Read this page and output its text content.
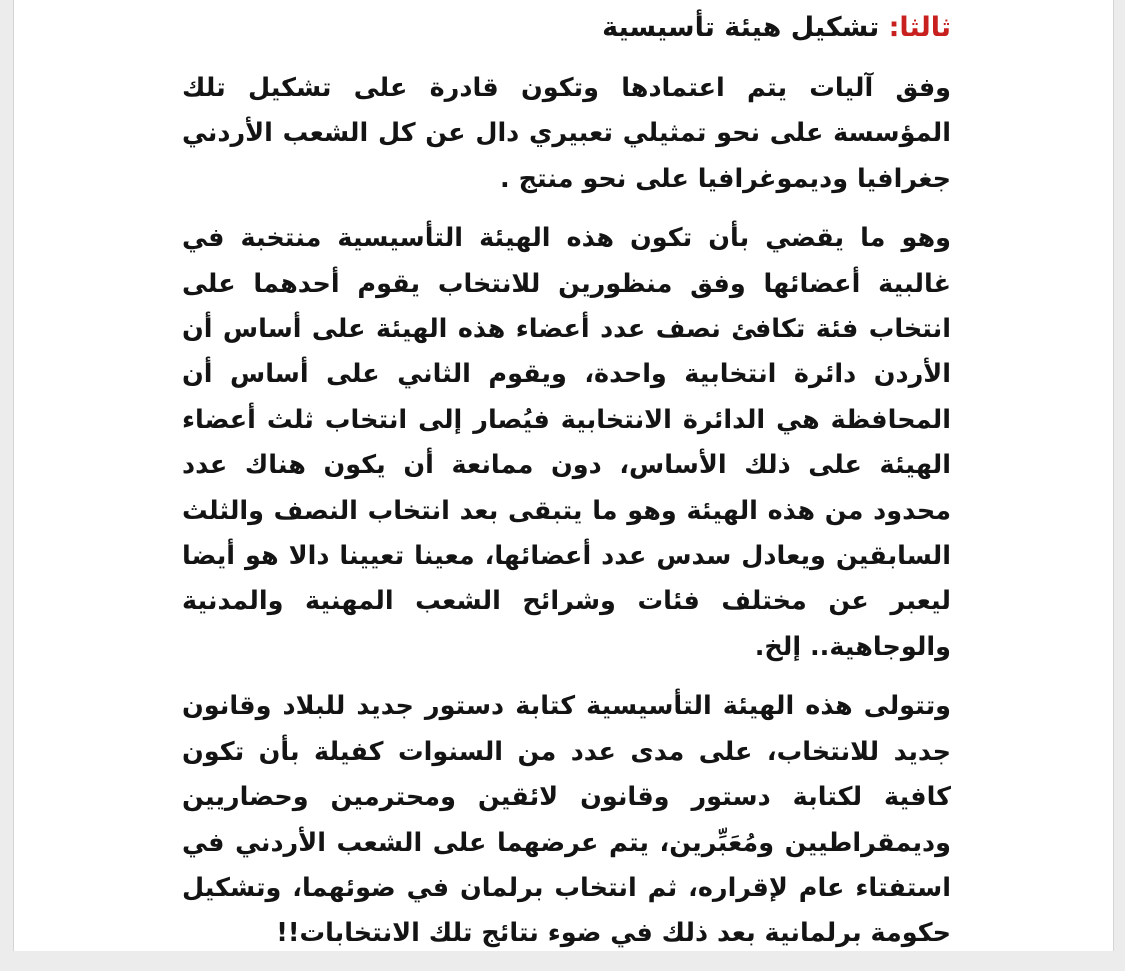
ثالثا: تشكيل هيئة تأسيسية

وفق آليات يتم اعتمادها وتكون قادرة على تشكيل تلك المؤسسة على نحو تمثيلي تعبيري دال عن كل الشعب الأردني جغرافيا وديموغرافيا على نحو منتج .

وهو ما يقضي بأن تكون هذه الهيئة التأسيسية منتخبة في غالبية أعضائها وفق منظورين للانتخاب يقوم أحدهما على انتخاب فئة تكافئ نصف عدد أعضاء هذه الهيئة على أساس أن الأردن دائرة انتخابية واحدة، ويقوم الثاني على أساس أن المحافظة هي الدائرة الانتخابية فيُصار إلى انتخاب ثلث أعضاء الهيئة على ذلك الأساس، دون ممانعة أن يكون هناك عدد محدود من هذه الهيئة وهو ما يتبقى بعد انتخاب النصف والثلث السابقين ويعادل سدس عدد أعضائها، معينا تعيينا دالا هو أيضا ليعبر عن مختلف فئات وشرائح الشعب المهنية والمدنية والوجاهية.. إلخ.

وتتولى هذه الهيئة التأسيسية كتابة دستور جديد للبلاد وقانون جديد للانتخاب، على مدى عدد من السنوات كفيلة بأن تكون كافية لكتابة دستور وقانون لائقين ومحترمين وحضاريين وديمقراطيين ومُعَبِّرين، يتم عرضهما على الشعب الأردني في استفتاء عام لإقراره، ثم انتخاب برلمان في ضوئهما، وتشكيل حكومة برلمانية بعد ذلك في ضوء نتائج تلك الانتخابات!!
